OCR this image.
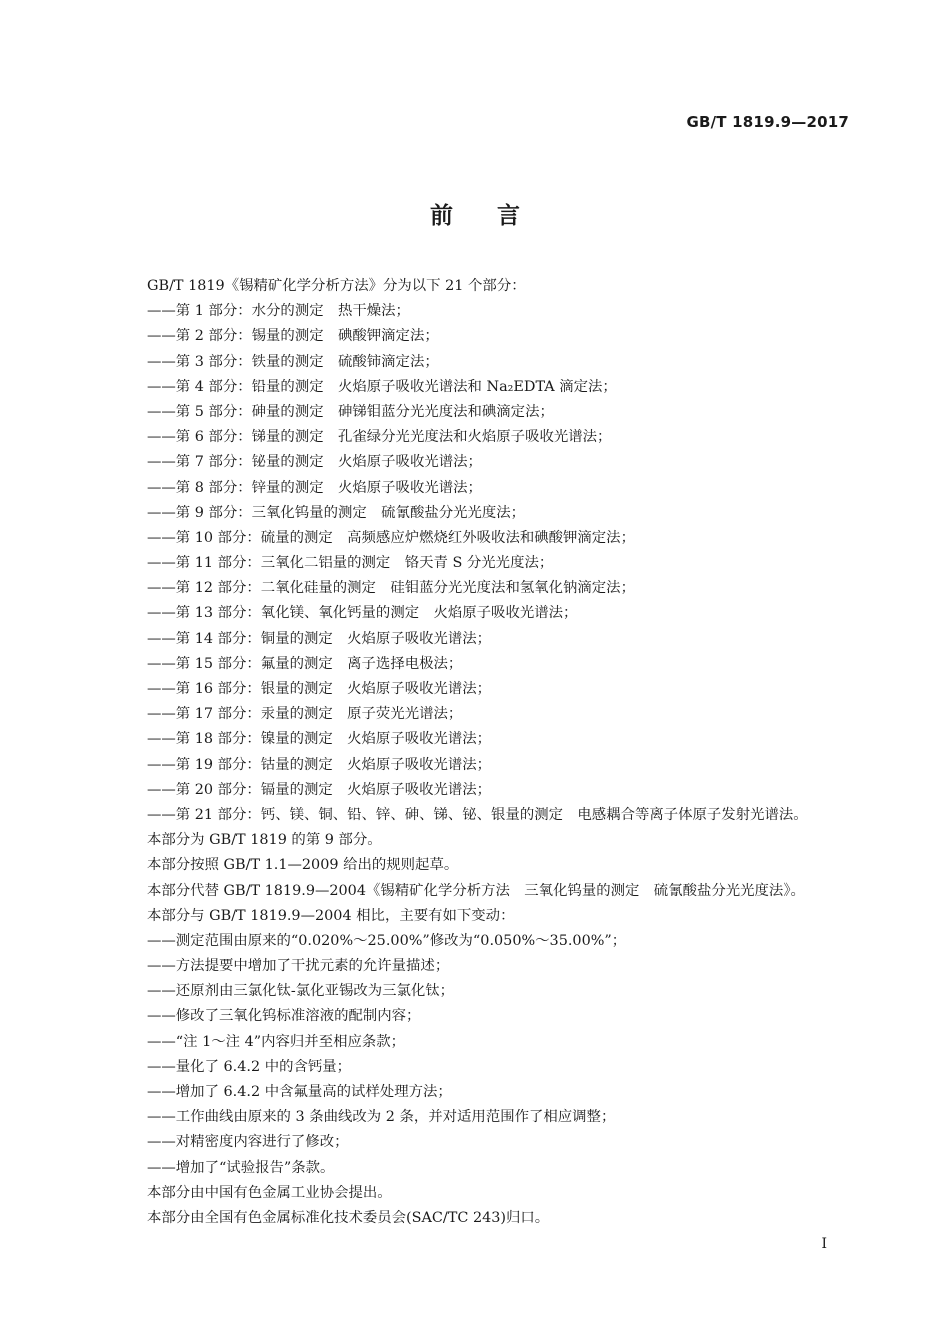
GB/T 1819.9—2017
前言
GB/T 1819《锡精矿化学分析方法》分为以下 21 个部分：
——第 1 部分：水分的测定　热干燥法；
——第 2 部分：锡量的测定　碘酸钾滴定法；
——第 3 部分：铁量的测定　硫酸铈滴定法；
——第 4 部分：铅量的测定　火焰原子吸收光谱法和 Na₂EDTA 滴定法；
——第 5 部分：砷量的测定　砷锑钼蓝分光光度法和碘滴定法；
——第 6 部分：锑量的测定　孔雀绿分光光度法和火焰原子吸收光谱法；
——第 7 部分：铋量的测定　火焰原子吸收光谱法；
——第 8 部分：锌量的测定　火焰原子吸收光谱法；
——第 9 部分：三氧化钨量的测定　硫氰酸盐分光光度法；
——第 10 部分：硫量的测定　高频感应炉燃烧红外吸收法和碘酸钾滴定法；
——第 11 部分：三氧化二铝量的测定　铬天青 S 分光光度法；
——第 12 部分：二氧化硅量的测定　硅钼蓝分光光度法和氢氧化钠滴定法；
——第 13 部分：氧化镁、氧化钙量的测定　火焰原子吸收光谱法；
——第 14 部分：铜量的测定　火焰原子吸收光谱法；
——第 15 部分：氟量的测定　离子选择电极法；
——第 16 部分：银量的测定　火焰原子吸收光谱法；
——第 17 部分：汞量的测定　原子荧光光谱法；
——第 18 部分：镍量的测定　火焰原子吸收光谱法；
——第 19 部分：钴量的测定　火焰原子吸收光谱法；
——第 20 部分：镉量的测定　火焰原子吸收光谱法；
——第 21 部分：钙、镁、铜、铅、锌、砷、锑、铋、银量的测定　电感耦合等离子体原子发射光谱法。
本部分为 GB/T 1819 的第 9 部分。
本部分按照 GB/T 1.1—2009 给出的规则起草。
本部分代替 GB/T 1819.9—2004《锡精矿化学分析方法　三氧化钨量的测定　硫氰酸盐分光光度法》。
本部分与 GB/T 1819.9—2004 相比，主要有如下变动：
——测定范围由原来的“0.020%～25.00%”修改为“0.050%～35.00%”；
——方法提要中增加了干扰元素的允许量描述；
——还原剂由三氯化钛-氯化亚锡改为三氯化钛；
——修改了三氧化钨标准溶液的配制内容；
——“注 1～注 4”内容归并至相应条款；
——量化了 6.4.2 中的含钙量；
——增加了 6.4.2 中含氟量高的试样处理方法；
——工作曲线由原来的 3 条曲线改为 2 条，并对适用范围作了相应调整；
——对精密度内容进行了修改；
——增加了“试验报告”条款。
本部分由中国有色金属工业协会提出。
本部分由全国有色金属标准化技术委员会(SAC/TC 243)归口。
Ⅰ
